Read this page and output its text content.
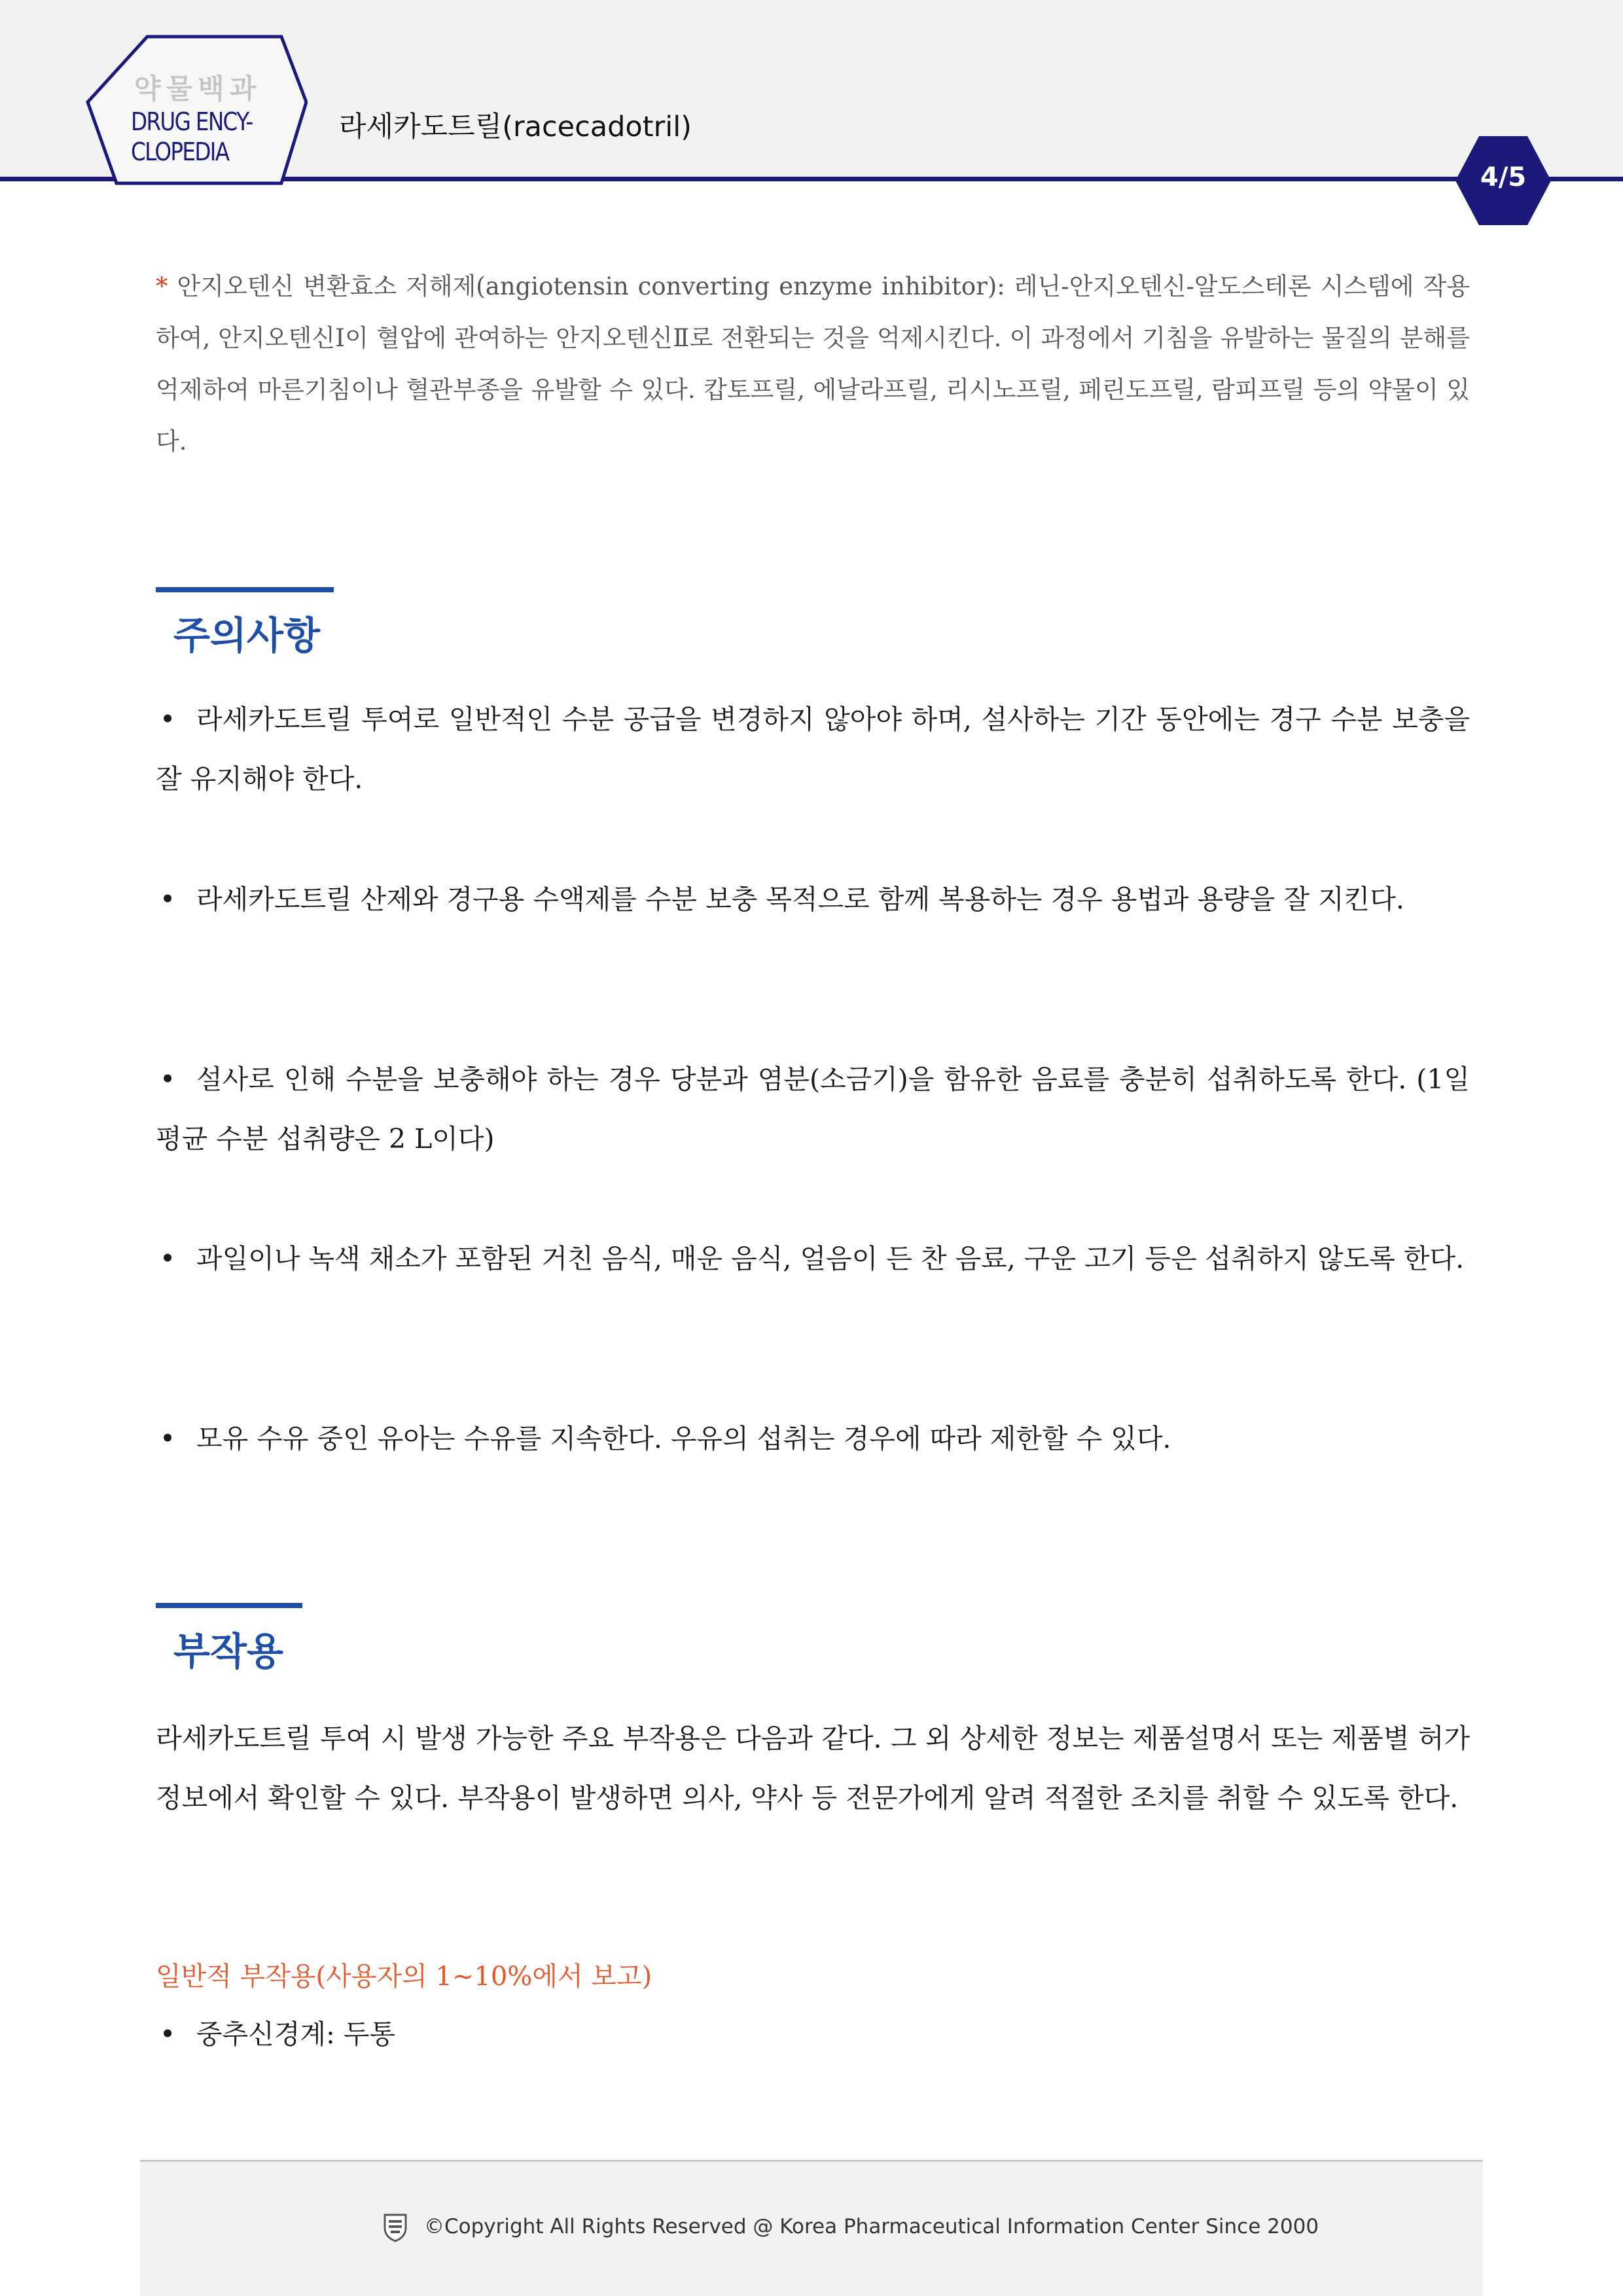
약물백과
DRUG ENCY-
CLOPEDIA
라세카도트릴(racecadotril)
4/5
* 안지오텐신 변환효소 저해제(angiotensin converting enzyme inhibitor): 레닌-안지오텐신-알도스테론 시스템에 작용하여, 안지오텐신Ⅰ이 혈압에 관여하는 안지오텐신Ⅱ로 전환되는 것을 억제시킨다. 이 과정에서 기침을 유발하는 물질의 분해를 억제하여 마른기침이나 혈관부종을 유발할 수 있다. 캅토프릴, 에날라프릴, 리시노프릴, 페린도프릴, 람피프릴 등의 약물이 있다.
주의사항
• 라세카도트릴 투여로 일반적인 수분 공급을 변경하지 않아야 하며, 설사하는 기간 동안에는 경구 수분 보충을 잘 유지해야 한다.
• 라세카도트릴 산제와 경구용 수액제를 수분 보충 목적으로 함께 복용하는 경우 용법과 용량을 잘 지킨다.
• 설사로 인해 수분을 보충해야 하는 경우 당분과 염분(소금기)을 함유한 음료를 충분히 섭취하도록 한다. (1일 평균 수분 섭취량은 2 L이다)
• 과일이나 녹색 채소가 포함된 거친 음식, 매운 음식, 얼음이 든 찬 음료, 구운 고기 등은 섭취하지 않도록 한다.
• 모유 수유 중인 유아는 수유를 지속한다. 우유의 섭취는 경우에 따라 제한할 수 있다.
부작용
라세카도트릴 투여 시 발생 가능한 주요 부작용은 다음과 같다. 그 외 상세한 정보는 제품설명서 또는 제품별 허가정보에서 확인할 수 있다. 부작용이 발생하면 의사, 약사 등 전문가에게 알려 적절한 조치를 취할 수 있도록 한다.
일반적 부작용(사용자의 1~10%에서 보고)
• 중추신경계: 두통
©Copyright All Rights Reserved @ Korea Pharmaceutical Information Center Since 2000
